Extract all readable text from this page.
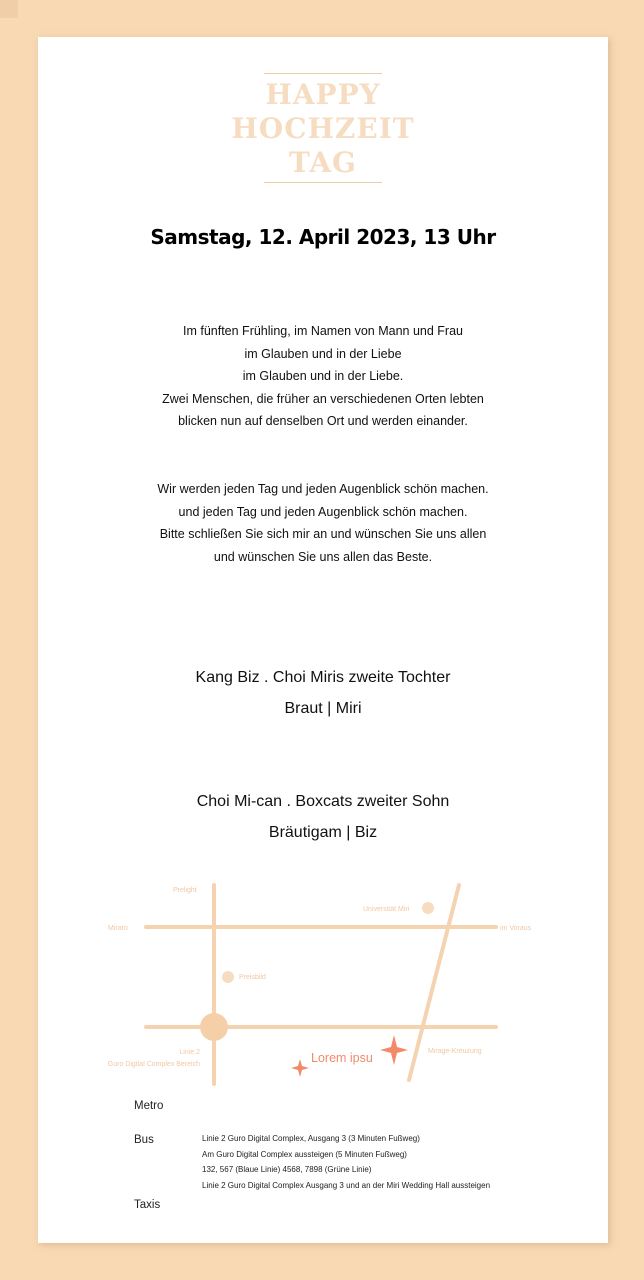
HAPPY
HOCHZEIT
TAG
Samstag, 12. April 2023, 13 Uhr
Im fünften Frühling, im Namen von Mann und Frau
im Glauben und in der Liebe
im Glauben und in der Liebe.
Zwei Menschen, die früher an verschiedenen Orten lebten
blicken nun auf denselben Ort und werden einander.
Wir werden jeden Tag und jeden Augenblick schön machen.
und jeden Tag und jeden Augenblick schön machen.
Bitte schließen Sie sich mir an und wünschen Sie uns allen
und wünschen Sie uns allen das Beste.
Kang Biz . Choi Miris zweite Tochter
Braut | Miri
Choi Mi-can . Boxcats zweiter Sohn
Bräutigam | Biz
Prelight
Universität Miri
Miraro	im Voraus
Preisbild
Linie 2
Guro Digital Complex Bereich
Mirage-Kreuzung
Lorem ipsu
Metro
Bus	Linie 2 Guro Digital Complex, Ausgang 3 (3 Minuten Fußweg)
Am Guro Digital Complex aussteigen (5 Minuten Fußweg)
132, 567 (Blaue Linie) 4568, 7898 (Grüne Linie)
Linie 2 Guro Digital Complex Ausgang 3 und an der Miri Wedding Hall aussteigen
Taxis
